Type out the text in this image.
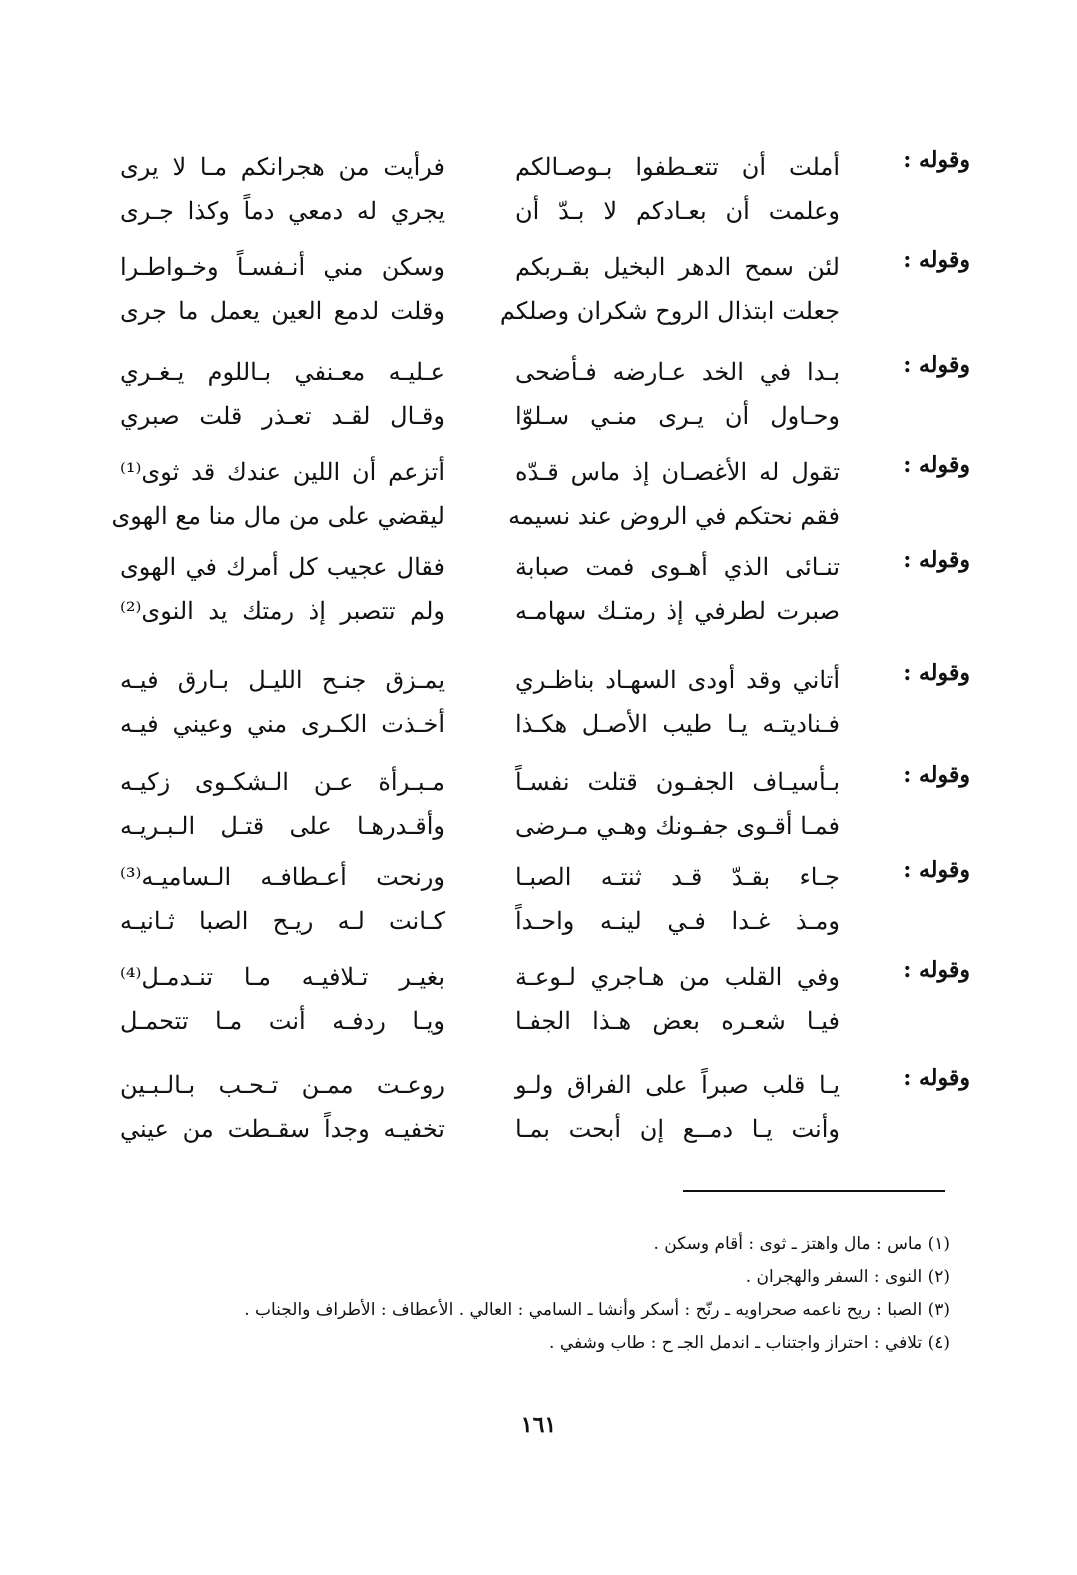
وقوله :
أملت أن تتعـطفوا بـوصـالكم
فرأيت من هجرانكم مـا لا يرى
وعلمت أن بعـادكم لا بـدّ أن
يجري له دمعي دماً وكذا جـرى
وقوله :
لئن سمح الدهر البخيل بقـربكم
وسكن مني أنـفسـاً وخـواطـرا
جعلت ابتذال الروح شكران وصلكم
وقلت لدمع العين يعمل ما جرى
وقوله :
بـدا في الخد عـارضه فـأضحى
عـليـه معـنفي بـاللوم يـغـري
وحـاول أن يـرى منـي سـلوّا
وقـال لقـد تعـذر قلت صبري
وقوله :
تقول له الأغصـان إذ ماس قـدّه
أتزعم أن اللين عندك قد ثوى⁽¹⁾
فقم نحتكم في الروض عند نسيمه
ليقضي على من مال منا مع الهوى
وقوله :
تنـائى الذي أهـوى فمت صبابة
فقال عجيب كل أمرك في الهوى
صبرت لطرفي إذ رمتـك سهامـه
ولم تتصبر إذ رمتك يد النوى⁽²⁾
وقوله :
أتاني وقد أودى السهـاد بناظـري
يمـزق جنـح الليـل بـارق فيـه
فـناديتـه يـا طيب الأصـل هكـذا
أخـذت الكـرى مني وعيني فيـه
وقوله :
بـأسيـاف الجفـون قتلت نفسـاً
مـبـرأة عـن الـشكـوى زكيـه
فمـا أقـوى جفـونك وهـي مـرضى
وأقـدرهـا على قتـل الـبـريـه
وقوله :
جـاء بقـدّ قـد ثنتـه الصبـا
ورنحت أعـطافـه الـساميـه⁽³⁾
ومـذ غـدا فـي لينـه واحـداً
كـانت لـه ريـح الصبا ثـانيـه
وقوله :
وفي القلب من هـاجري لـوعـة
بغيـر تـلافيـه مـا تنـدمـل⁽⁴⁾
فيـا شعـره بعض هـذا الجفـا
ويـا ردفـه أنت مـا تتحمـل
وقوله :
يـا قلب صبراً على الفراق ولـو
روعـت ممـن تـحـب بـالـبـين
وأنت يـا دمــع إن أبحت بمـا
تخفيـه وجداً سقـطت من عيني
(١) ماس : مال واهتز ـ ثوى : أقام وسكن .
(٢) النوى : السفر والهجران .
(٣) الصبا : ريح ناعمه صحراويه ـ رنّح : أسكر وأنشا ـ السامي : العالي . الأعطاف : الأطراف والجناب .
(٤) تلافي : احتراز واجتناب ـ اندمل الجـ ح : طاب وشفي .
١٦١
